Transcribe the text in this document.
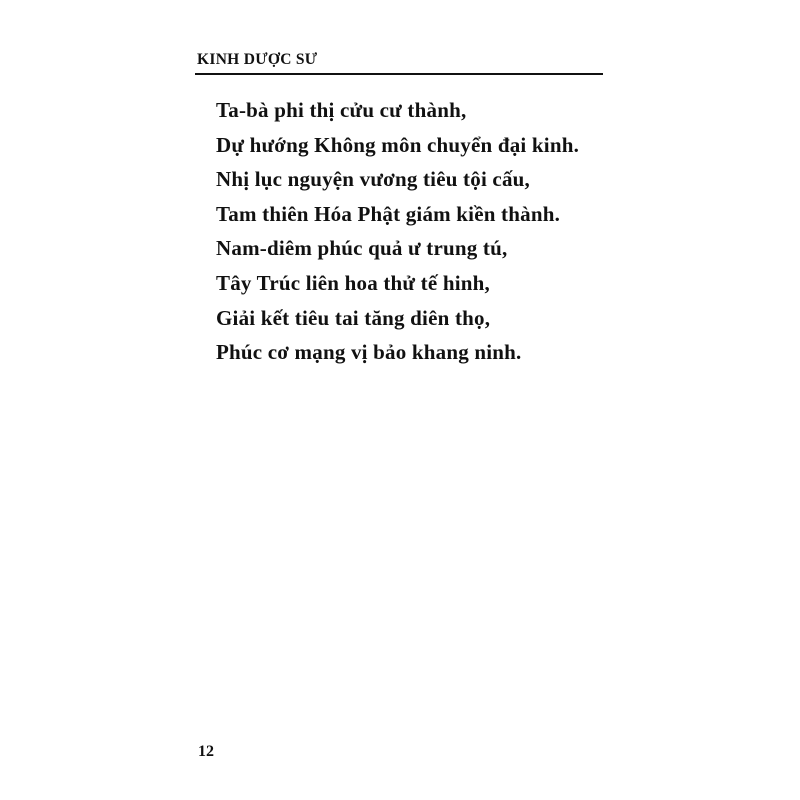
KINH DƯỢC SƯ
Ta-bà phi thị cửu cư thành,
Dự hướng Không môn chuyển đại kinh.
Nhị lục nguyện vương tiêu tội cấu,
Tam thiên Hóa Phật giám kiền thành.
Nam-diêm phúc quả ư trung tú,
Tây Trúc liên hoa thử tế hinh,
Giải kết tiêu tai tăng diên thọ,
Phúc cơ mạng vị bảo khang ninh.
12
